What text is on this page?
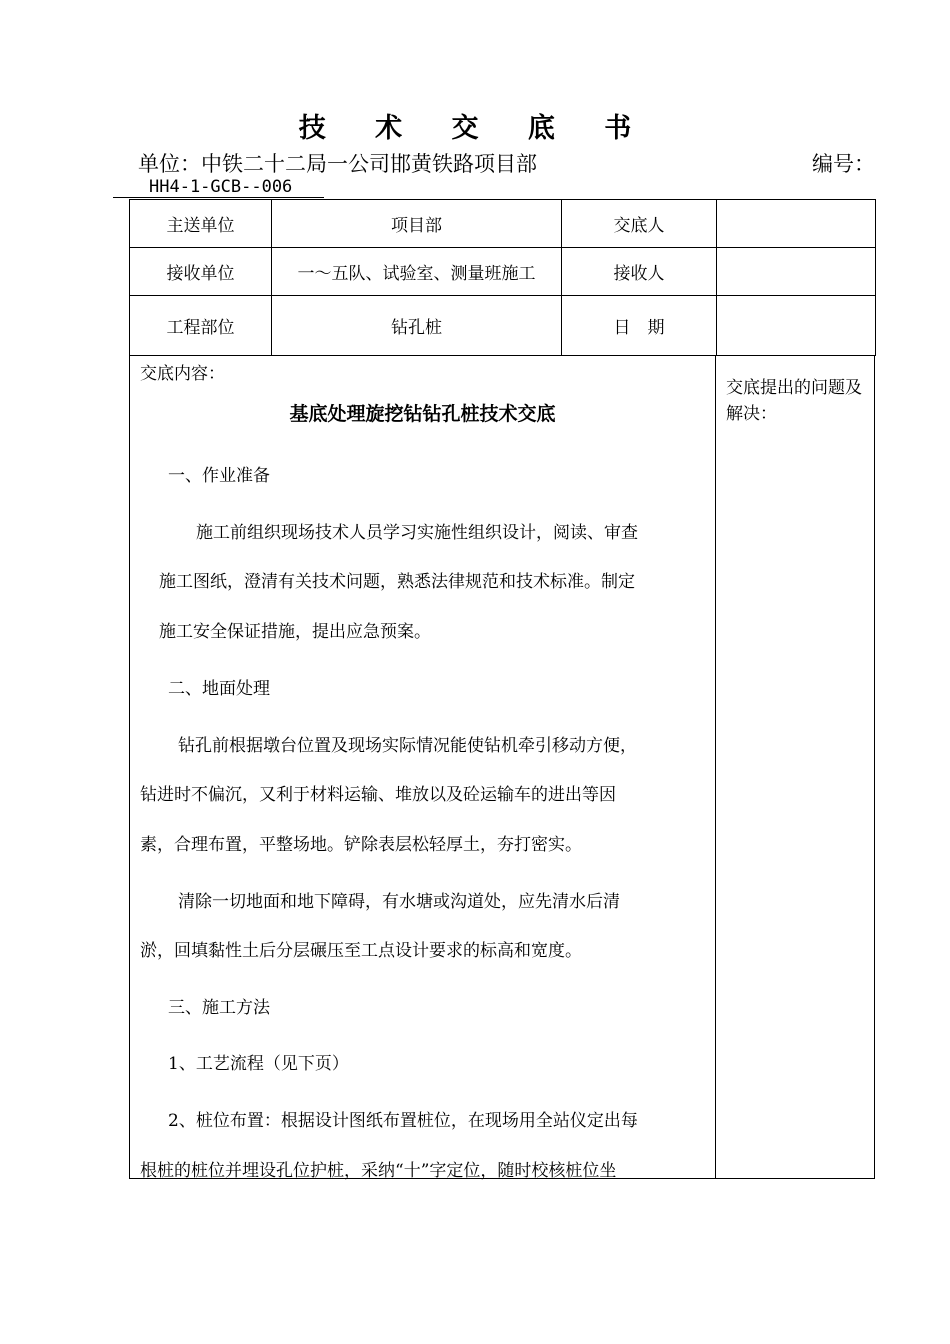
技 术 交 底 书
单位：中铁二十二局一公司邯黄铁路项目部	编号：
HH4-1-GCB--006
主送单位	项目部	交底人	
接收单位	一～五队、试验室、测量班施工	接收人	
工程部位	钻孔桩	日　期	
交底内容：
交底提出的问题及解决：
基底处理旋挖钻钻孔桩技术交底
一、作业准备
施工前组织现场技术人员学习实施性组织设计，阅读、审查
施工图纸，澄清有关技术问题，熟悉法律规范和技术标准。制定
施工安全保证措施，提出应急预案。
二、地面处理
钻孔前根据墩台位置及现场实际情况能使钻机牵引移动方便，
钻进时不偏沉，又利于材料运输、堆放以及砼运输车的进出等因
素，合理布置，平整场地。铲除表层松轻厚土，夯打密实。
清除一切地面和地下障碍，有水塘或沟道处，应先清水后清
淤，回填黏性土后分层碾压至工点设计要求的标高和宽度。
三、施工方法
1、工艺流程（见下页）
2、桩位布置：根据设计图纸布置桩位，在现场用全站仪定出每
根桩的桩位并埋设孔位护桩，采纳“十”字定位，随时校核桩位坐
